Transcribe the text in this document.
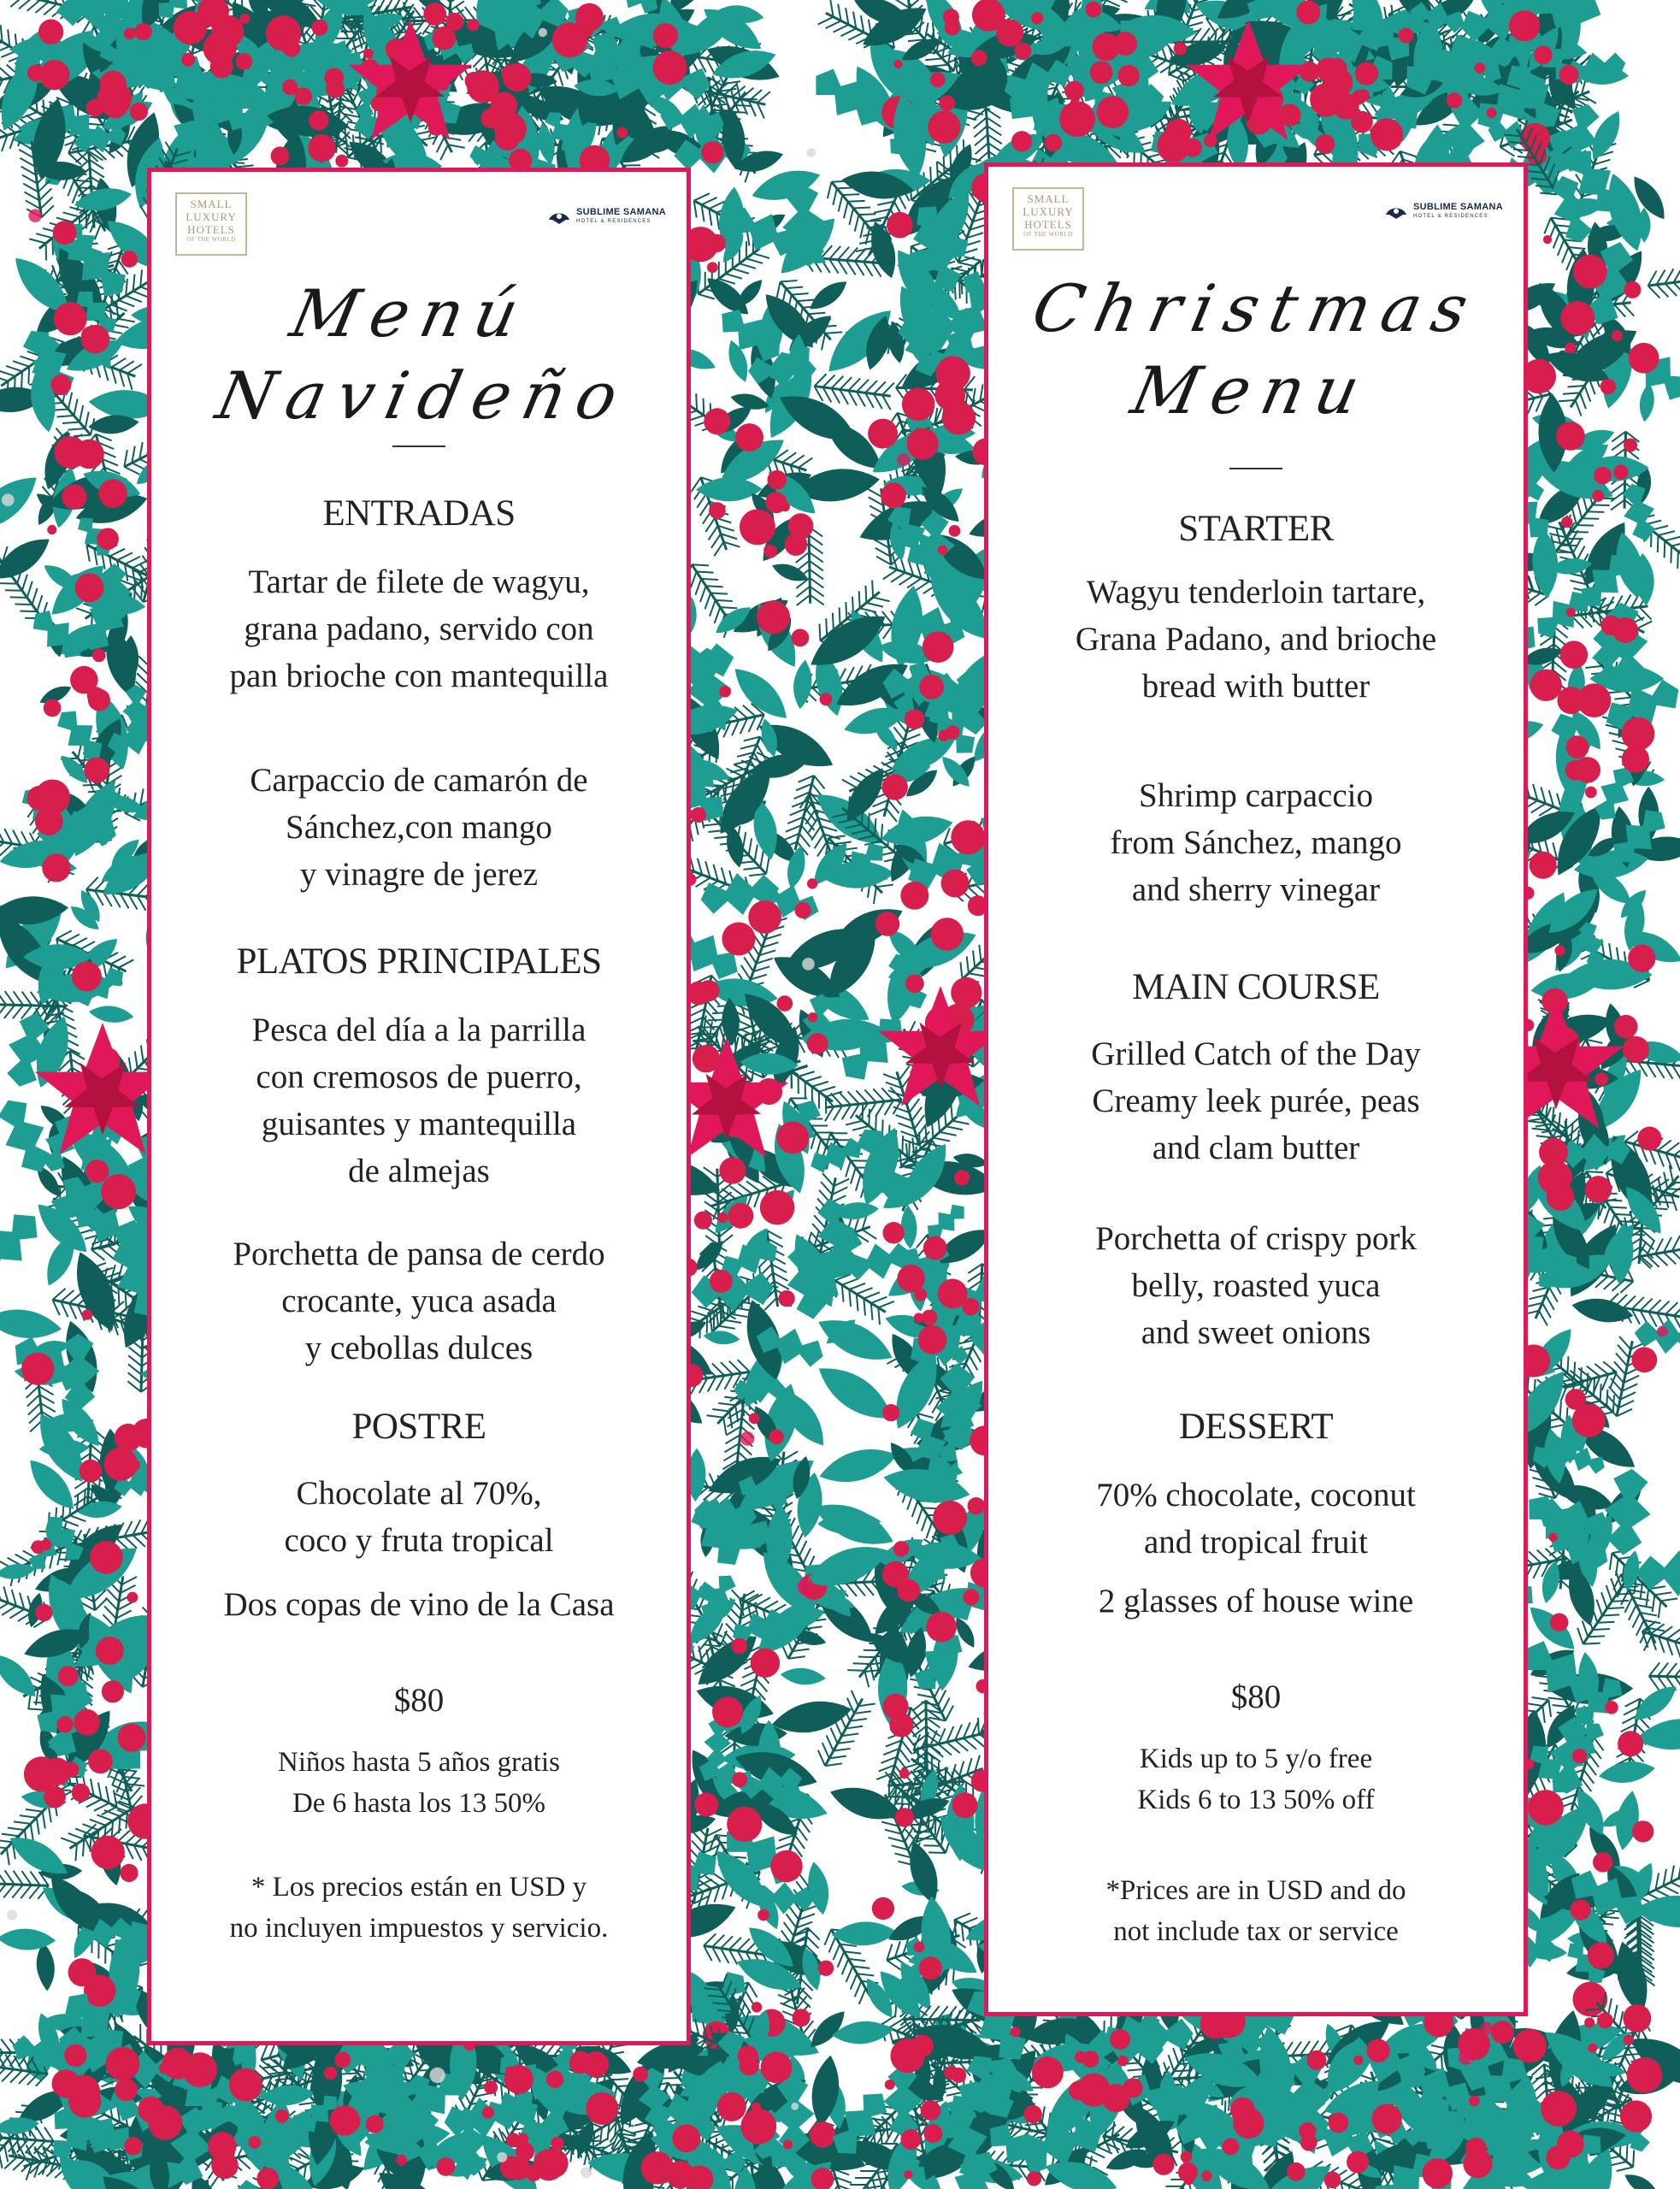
SMALL
LUXURY
HOTELS
OF THE WORLD
SUBLIME SAMANA
HOTEL & RESIDENCES
Menú
Navideño
ENTRADAS

Tartar de filete de wagyu,
grana padano, servido con
pan brioche con mantequilla

Carpaccio de camarón de
Sánchez,con mango
y vinagre de jerez

PLATOS PRINCIPALES

Pesca del día a la parrilla
con cremosos de puerro,
guisantes y mantequilla
de almejas

Porchetta de pansa de cerdo
crocante, yuca asada
y cebollas dulces

POSTRE

Chocolate al 70%,
coco y fruta tropical

Dos copas de vino de la Casa

$80

Niños hasta 5 años gratis
De 6 hasta los 13 50%

* Los precios están en USD y
no incluyen impuestos y servicio.

SMALL
LUXURY
HOTELS
OF THE WORLD
SUBLIME SAMANA
HOTEL & RESIDENCES
Christmas
Menu
STARTER

Wagyu tenderloin tartare,
Grana Padano, and brioche
bread with butter

Shrimp carpaccio
from Sánchez, mango
and sherry vinegar

MAIN COURSE

Grilled Catch of the Day
Creamy leek purée, peas
and clam butter

Porchetta of crispy pork
belly, roasted yuca
and sweet onions

DESSERT

70% chocolate, coconut
and tropical fruit

2 glasses of house wine

$80

Kids up to 5 y/o free
Kids 6 to 13 50% off

*Prices are in USD and do
not include tax or service
